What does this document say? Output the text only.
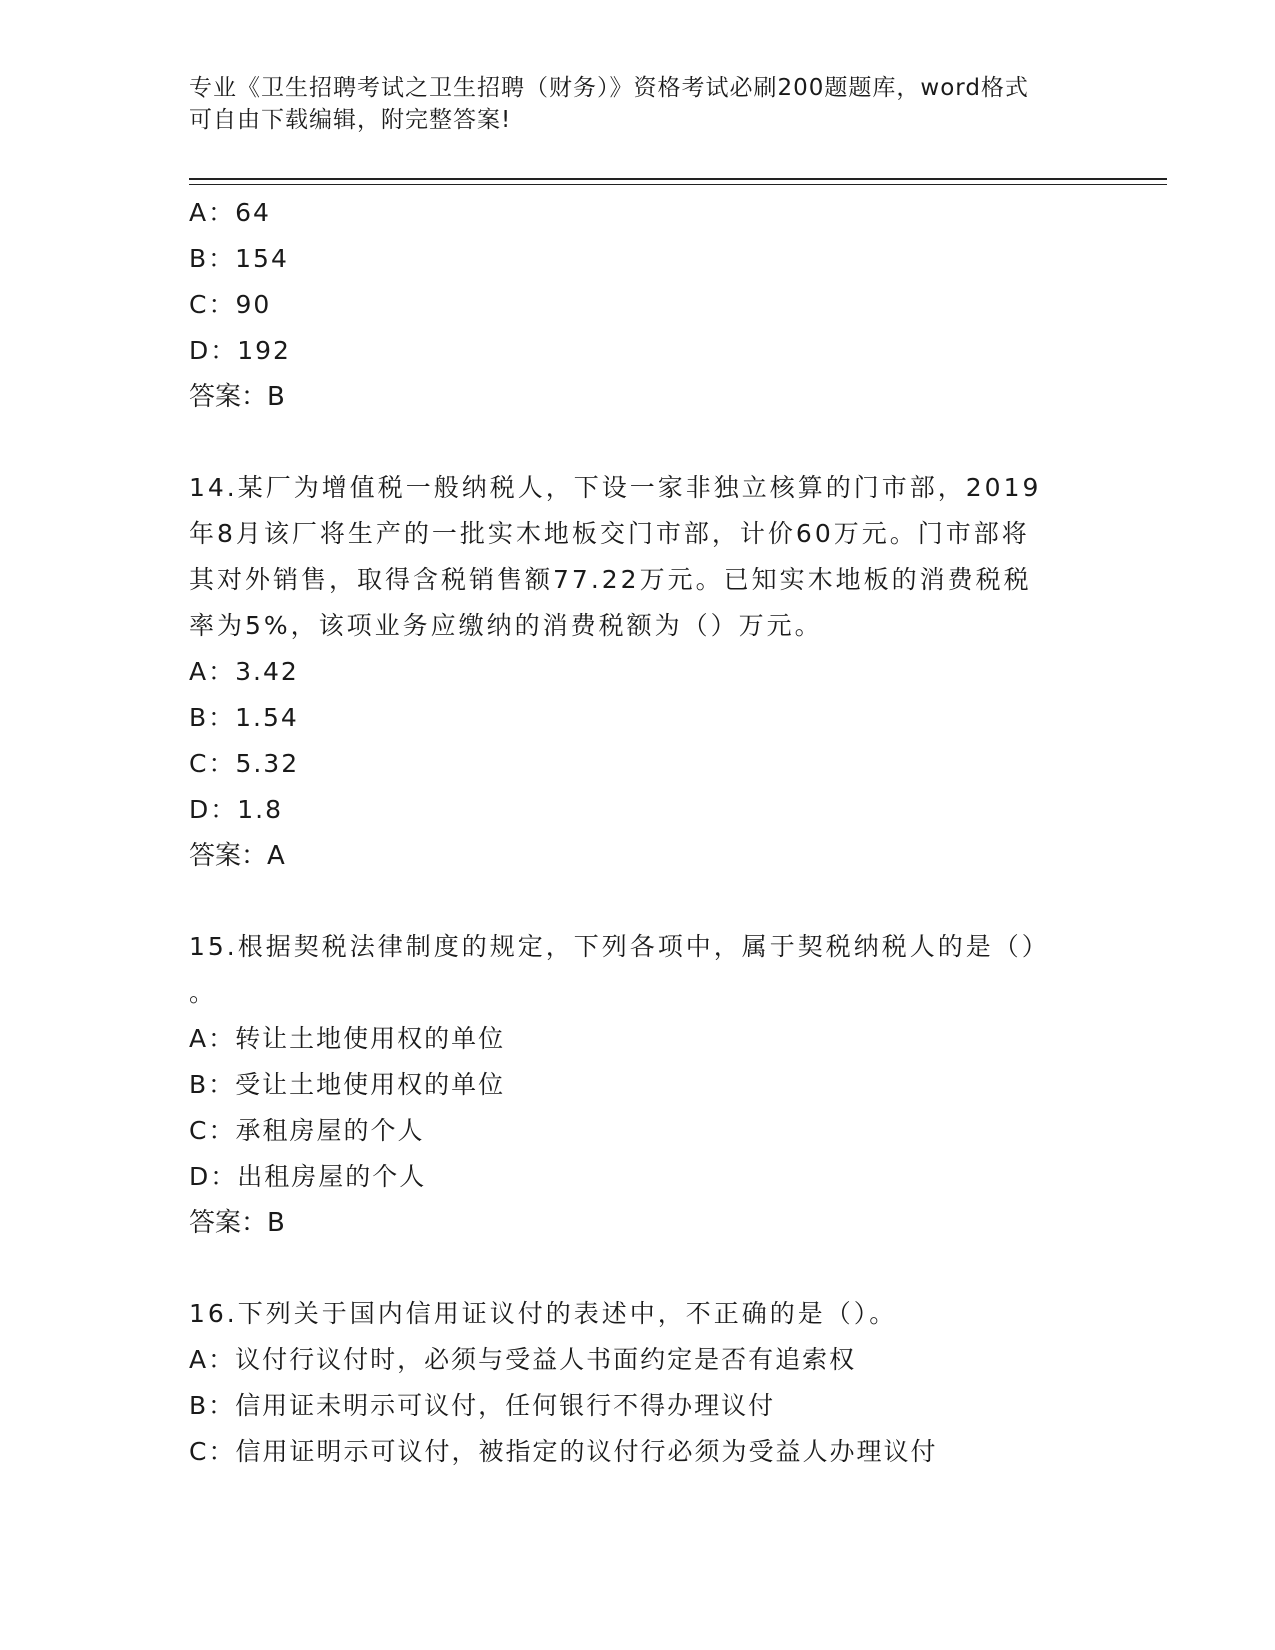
专业《卫生招聘考试之卫生招聘（财务）》资格考试必刷200题题库，word格式
可自由下载编辑，附完整答案!
A：64
B：154
C：90
D：192
答案：B
14.某厂为增值税一般纳税人，下设一家非独立核算的门市部，2019
年8月该厂将生产的一批实木地板交门市部，计价60万元。门市部将
其对外销售，取得含税销售额77.22万元。已知实木地板的消费税税
率为5%，该项业务应缴纳的消费税额为（）万元。
A：3.42
B：1.54
C：5.32
D：1.8
答案：A
15.根据契税法律制度的规定，下列各项中，属于契税纳税人的是（）
。
A：转让土地使用权的单位
B：受让土地使用权的单位
C：承租房屋的个人
D：出租房屋的个人
答案：B
16.下列关于国内信用证议付的表述中，不正确的是（）。
A：议付行议付时，必须与受益人书面约定是否有追索权
B：信用证未明示可议付，任何银行不得办理议付
C：信用证明示可议付，被指定的议付行必须为受益人办理议付
